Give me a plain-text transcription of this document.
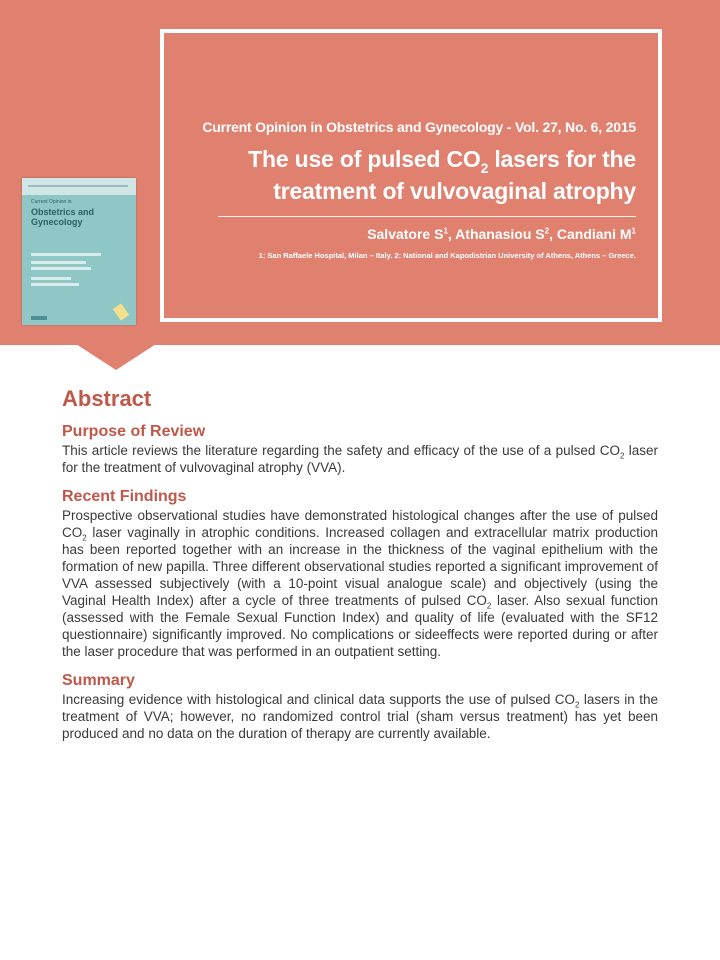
Current Opinion in
Obstetrics and Gynecology
Current Opinion in Obstetrics and Gynecology - Vol. 27, No. 6, 2015
The use of pulsed $CO_2$ lasers for the
treatment of vulvovaginal atrophy
Salvatore $S^1$, Athanasiou $S^2$, Candiani $M^1$
1: San Raffaele Hospital, Milan – Italy. 2: National and Kapodistrian University of Athens, Athens – Greece.
Abstract
Purpose of Review

This article reviews the literature regarding the safety and efficacy of the use of a pulsed $CO_2$ laser for the treatment of vulvovaginal atrophy (VVA).

Recent Findings

Prospective observational studies have demonstrated histological changes after the use of pulsed $CO_2$ laser vaginally in atrophic conditions. Increased collagen and extracellular matrix production has been reported together with an increase in the thickness of the vaginal epithelium with the formation of new papilla. Three different observational studies reported a significant improvement of VVA assessed subjectively (with a 10-point visual analogue scale) and objectively (using the Vaginal Health Index) after a cycle of three treatments of pulsed $CO_2$ laser. Also sexual function (assessed with the Female Sexual Function Index) and quality of life (evaluated with the SF12 questionnaire) significantly improved. No complications or sideeffects were reported during or after the laser procedure that was performed in an outpatient setting.

Summary

Increasing evidence with histological and clinical data supports the use of pulsed $CO_2$ lasers in the treatment of VVA; however, no randomized control trial (sham versus treatment) has yet been produced and no data on the duration of therapy are currently available.
